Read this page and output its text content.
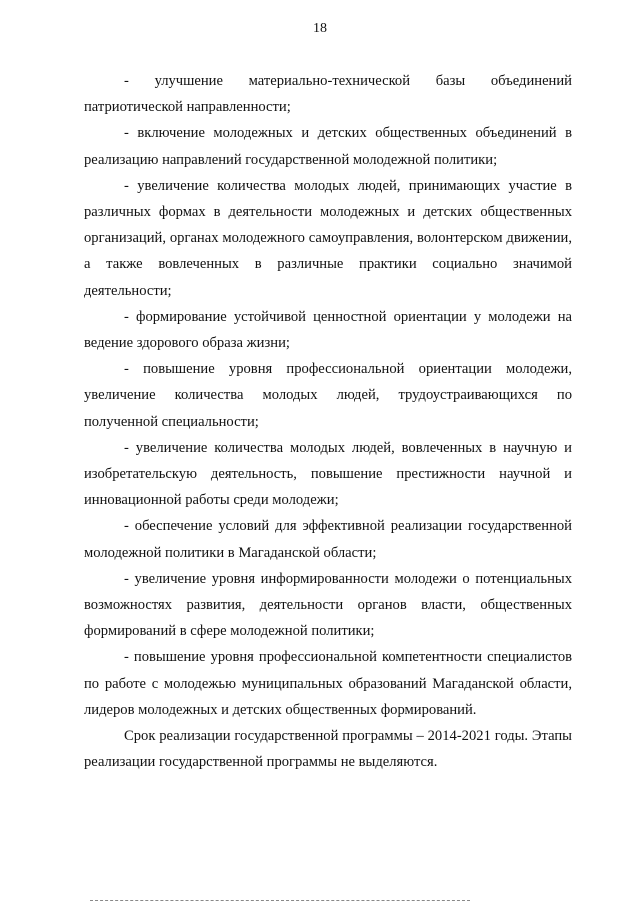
18

- улучшение материально-технической базы объединений патриотической направленности;

- включение молодежных и детских общественных объединений в реализацию направлений государственной молодежной политики;

- увеличение количества молодых людей, принимающих участие в различных формах в деятельности молодежных и детских общественных организаций, органах молодежного самоуправления, волонтерском движении, а также вовлеченных в различные практики социально значимой деятельности;

- формирование устойчивой ценностной ориентации у молодежи на ведение здорового образа жизни;

- повышение уровня профессиональной ориентации молодежи, увеличение количества молодых людей, трудоустраивающихся по полученной специальности;

- увеличение количества молодых людей, вовлеченных в научную и изобретательскую деятельность, повышение престижности научной и инновационной работы среди молодежи;

- обеспечение условий для эффективной реализации государственной молодежной политики в Магаданской области;

- увеличение уровня информированности молодежи о потенциальных возможностях развития, деятельности органов власти, общественных формирований в сфере молодежной политики;

- повышение уровня профессиональной компетентности специалистов по работе с молодежью муниципальных образований Магаданской области, лидеров молодежных и детских общественных формирований.

Срок реализации государственной программы – 2014-2021 годы. Этапы реализации государственной программы не выделяются.
